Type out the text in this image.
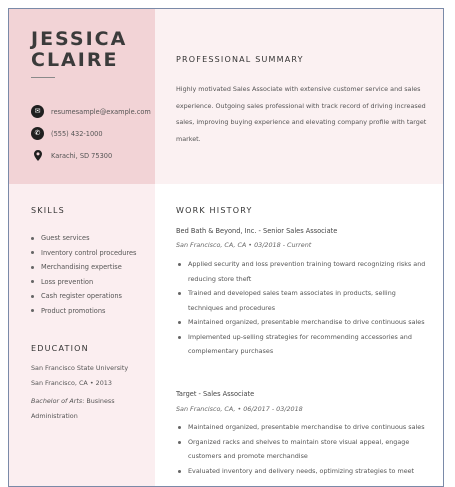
JESSICA
CLAIRE
✉	resumesample@example.com
✆	(555) 432-1000
Karachi, SD 75300
PROFESSIONAL SUMMARY
Highly motivated Sales Associate with extensive customer service and sales experience. Outgoing sales professional with track record of driving increased sales, improving buying experience and elevating company profile with target market.
SKILLS
Guest services
Inventory control procedures
Merchandising expertise
Loss prevention
Cash register operations
Product promotions
EDUCATION
San Francisco State University
San Francisco, CA • 2013
Bachelor of Arts: Business
Administration
WORK HISTORY
Bed Bath & Beyond, Inc. - Senior Sales Associate
San Francisco, CA, CA • 03/2018 - Current
Applied security and loss prevention training toward recognizing risks and reducing store theft
Trained and developed sales team associates in products, selling techniques and procedures
Maintained organized, presentable merchandise to drive continuous sales
Implemented up-selling strategies for recommending accessories and complementary purchases
Target - Sales Associate
San Francisco, CA, • 06/2017 - 03/2018
Maintained organized, presentable merchandise to drive continuous sales
Organized racks and shelves to maintain store visual appeal, engage customers and promote merchandise
Evaluated inventory and delivery needs, optimizing strategies to meet
